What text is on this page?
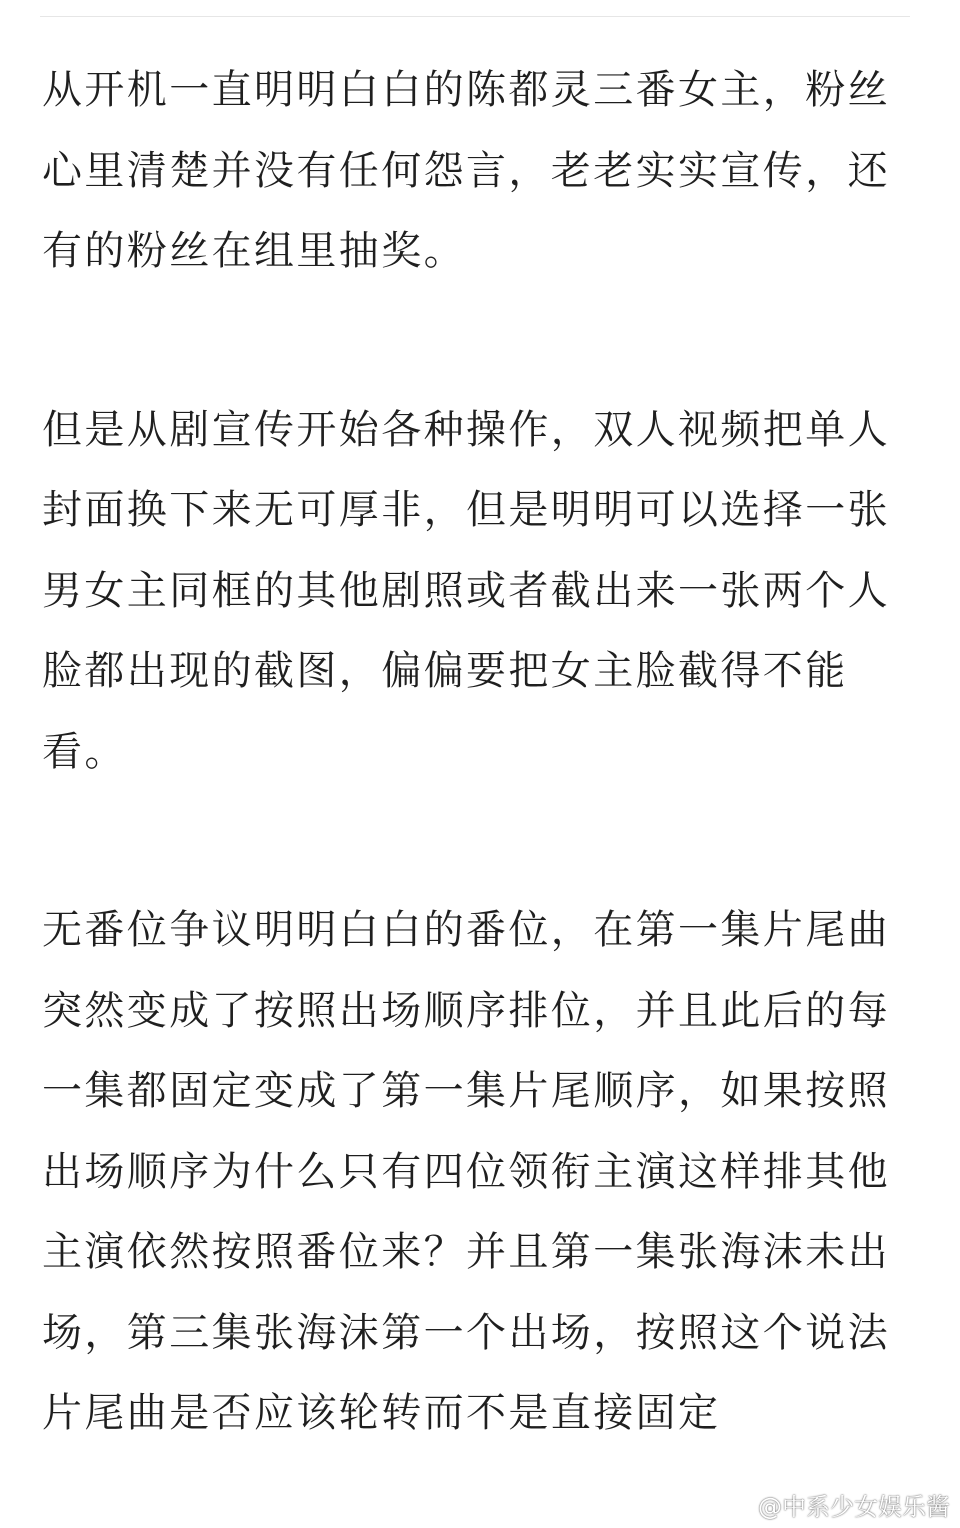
从开机一直明明白白的陈都灵三番女主，粉丝心里清楚并没有任何怨言，老老实实宣传，还有的粉丝在组里抽奖。

但是从剧宣传开始各种操作，双人视频把单人封面换下来无可厚非，但是明明可以选择一张男女主同框的其他剧照或者截出来一张两个人脸都出现的截图，偏偏要把女主脸截得不能看。

无番位争议明明白白的番位，在第一集片尾曲突然变成了按照出场顺序排位，并且此后的每一集都固定变成了第一集片尾顺序，如果按照出场顺序为什么只有四位领衔主演这样排其他主演依然按照番位来？并且第一集张海沫未出场，第三集张海沫第一个出场，按照这个说法片尾曲是否应该轮转而不是直接固定

@中系少女娱乐酱
